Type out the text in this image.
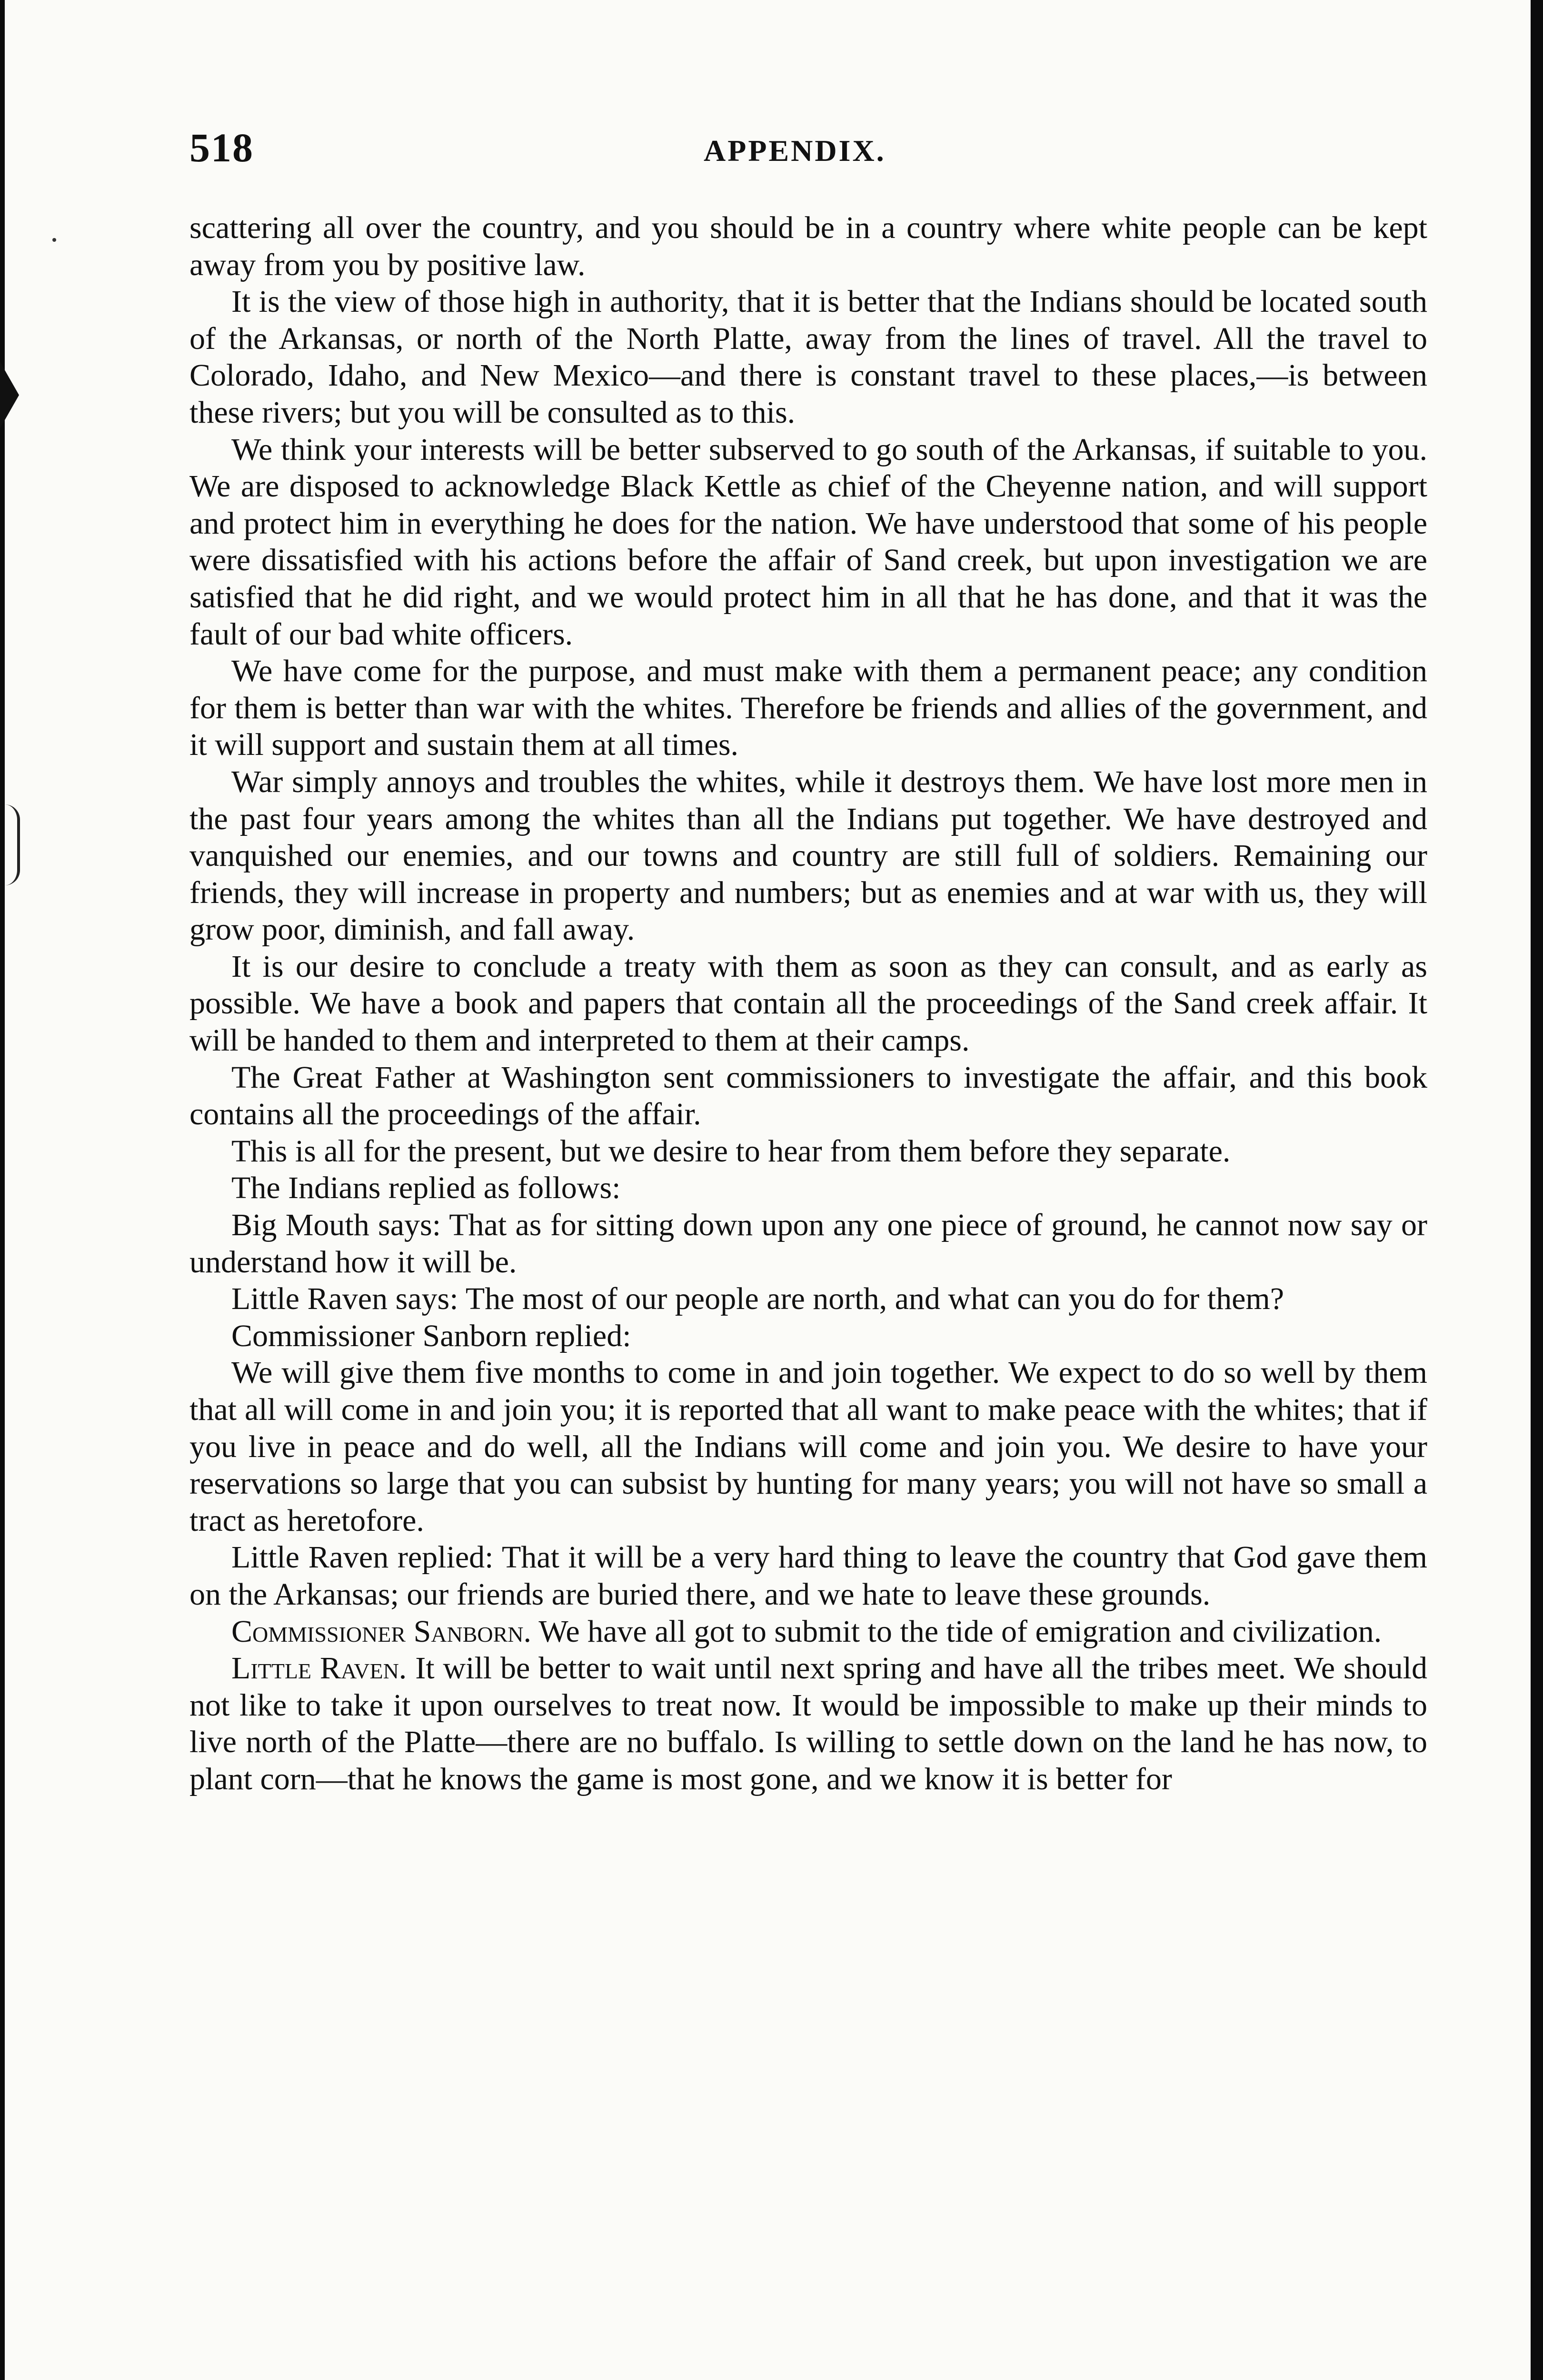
518	APPENDIX.

scattering all over the country, and you should be in a country where white people can be kept away from you by positive law.

It is the view of those high in authority, that it is better that the Indians should be located south of the Arkansas, or north of the North Platte, away from the lines of travel. All the travel to Colorado, Idaho, and New Mexico—and there is constant travel to these places,—is between these rivers; but you will be consulted as to this.

We think your interests will be better subserved to go south of the Arkansas, if suitable to you. We are disposed to acknowledge Black Kettle as chief of the Cheyenne nation, and will support and protect him in everything he does for the nation. We have understood that some of his people were dissatisfied with his actions before the affair of Sand creek, but upon investigation we are satisfied that he did right, and we would protect him in all that he has done, and that it was the fault of our bad white officers.

We have come for the purpose, and must make with them a permanent peace; any condition for them is better than war with the whites. Therefore be friends and allies of the government, and it will support and sustain them at all times.

War simply annoys and troubles the whites, while it destroys them. We have lost more men in the past four years among the whites than all the Indians put together. We have destroyed and vanquished our enemies, and our towns and country are still full of soldiers. Remaining our friends, they will increase in property and numbers; but as enemies and at war with us, they will grow poor, diminish, and fall away.

It is our desire to conclude a treaty with them as soon as they can consult, and as early as possible. We have a book and papers that contain all the proceedings of the Sand creek affair. It will be handed to them and interpreted to them at their camps.

The Great Father at Washington sent commissioners to investigate the affair, and this book contains all the proceedings of the affair.

This is all for the present, but we desire to hear from them before they separate.

The Indians replied as follows:

Big Mouth says: That as for sitting down upon any one piece of ground, he cannot now say or understand how it will be.

Little Raven says: The most of our people are north, and what can you do for them?

Commissioner Sanborn replied:

We will give them five months to come in and join together. We expect to do so well by them that all will come in and join you; it is reported that all want to make peace with the whites; that if you live in peace and do well, all the Indians will come and join you. We desire to have your reservations so large that you can subsist by hunting for many years; you will not have so small a tract as heretofore.

Little Raven replied: That it will be a very hard thing to leave the country that God gave them on the Arkansas; our friends are buried there, and we hate to leave these grounds.

Commissioner Sanborn. We have all got to submit to the tide of emigration and civilization.

Little Raven. It will be better to wait until next spring and have all the tribes meet. We should not like to take it upon ourselves to treat now. It would be impossible to make up their minds to live north of the Platte—there are no buffalo. Is willing to settle down on the land he has now, to plant corn—that he knows the game is most gone, and we know it is better for
